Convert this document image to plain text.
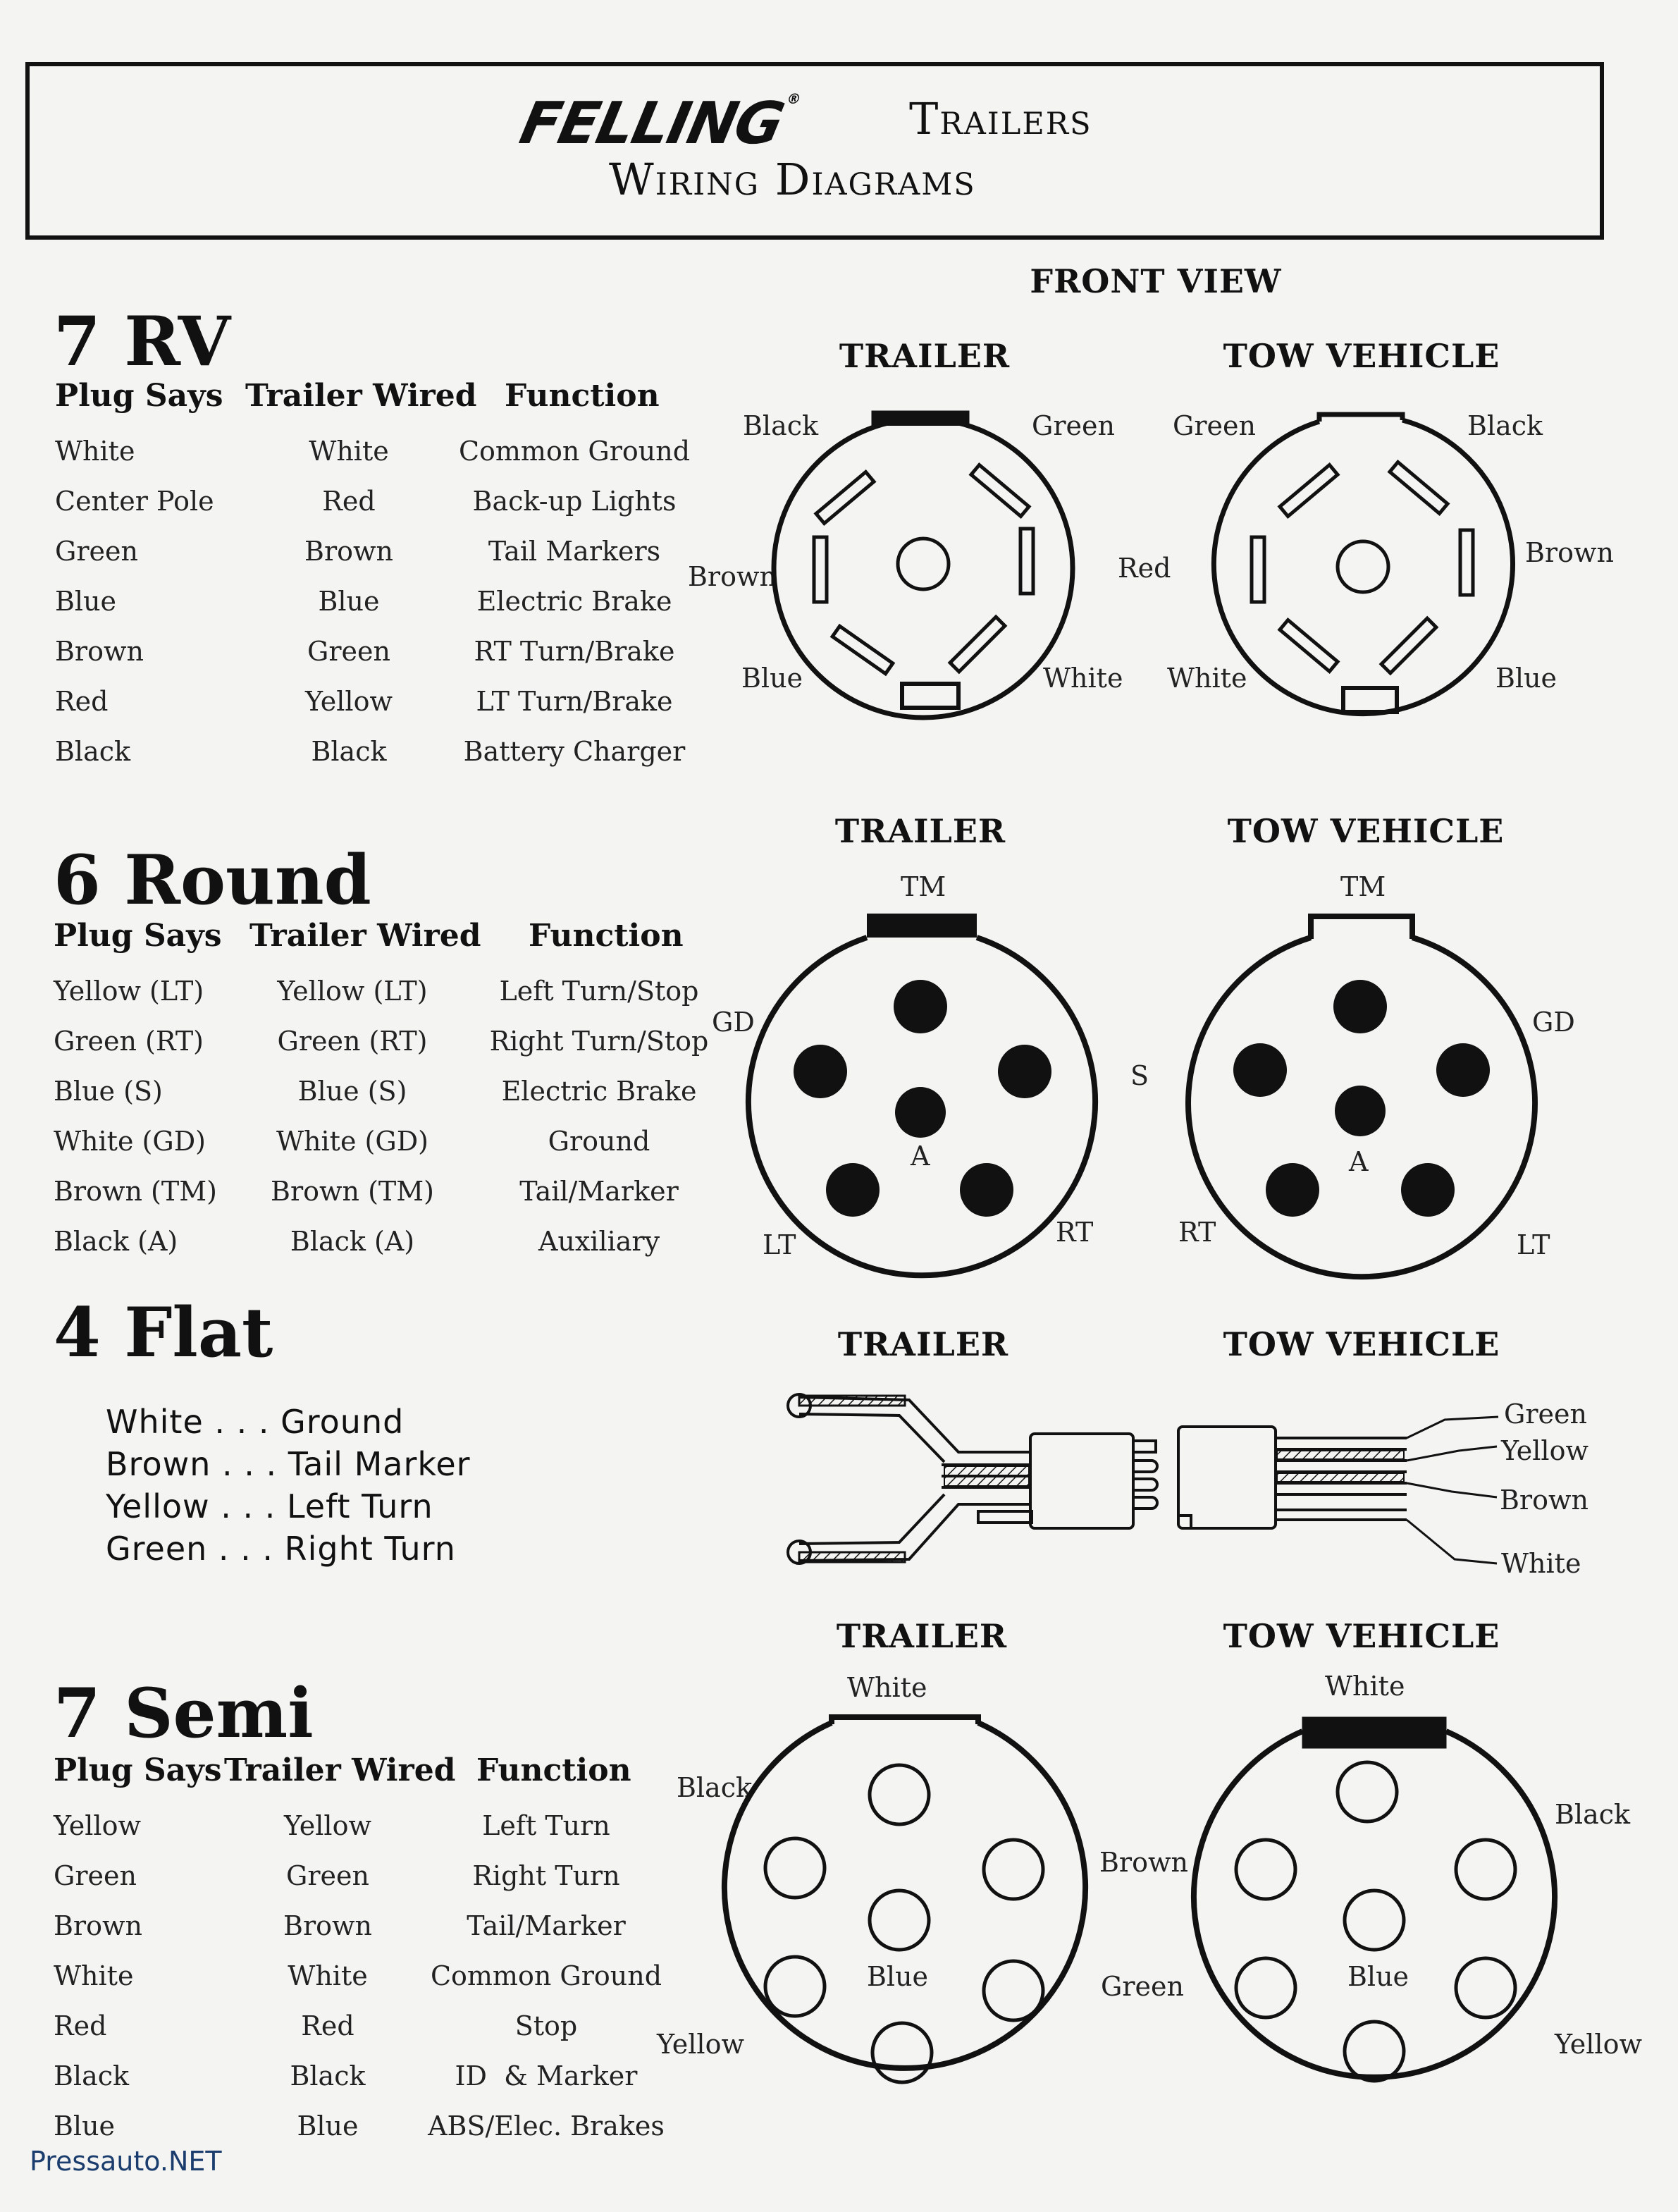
FELLING® Trailers
Wiring Diagrams
FRONT VIEW
7 RV
Plug Says Trailer Wired Function
White	White	Common Ground
Center Pole	Red	Back-up Lights
Green	Brown	Tail Markers
Blue	Blue	Electric Brake
Brown	Green	RT Turn/Brake
Red	Yellow	LT Turn/Brake
Black	Black	Battery Charger
TRAILER	TOW VEHICLE
Black	Green
Brown	Red
Blue	White
Green	Black
Brown
White	Blue
6 Round
Plug Says Trailer Wired Function
Yellow (LT)	Yellow (LT)	Left Turn/Stop
Green (RT)	Green (RT)	Right Turn/Stop
Blue (S)	Blue (S)	Electric Brake
White (GD)	White (GD)	Ground
Brown (TM)	Brown (TM)	Tail/Marker
Black (A)	Black (A)	Auxiliary
TRAILER	TOW VEHICLE
TM
GD
A
LT	RT
S
TM
GD
A
RT	LT
4 Flat
White . . . Ground
Brown . . . Tail Marker
Yellow . . . Left Turn
Green . . . Right Turn
TRAILER	TOW VEHICLE
Green
Yellow
Brown
White
7 Semi
Plug Says Trailer Wired Function
Yellow	Yellow	Left Turn
Green	Green	Right Turn
Brown	Brown	Tail/Marker
White	White	Common Ground
Red	Red	Stop
Black	Black	ID  & Marker
Blue	Blue	ABS/Elec. Brakes
TRAILER	TOW VEHICLE
White
Black
Blue
Yellow
Brown
Green
White
Black
Blue
Yellow
Pressauto.NET
